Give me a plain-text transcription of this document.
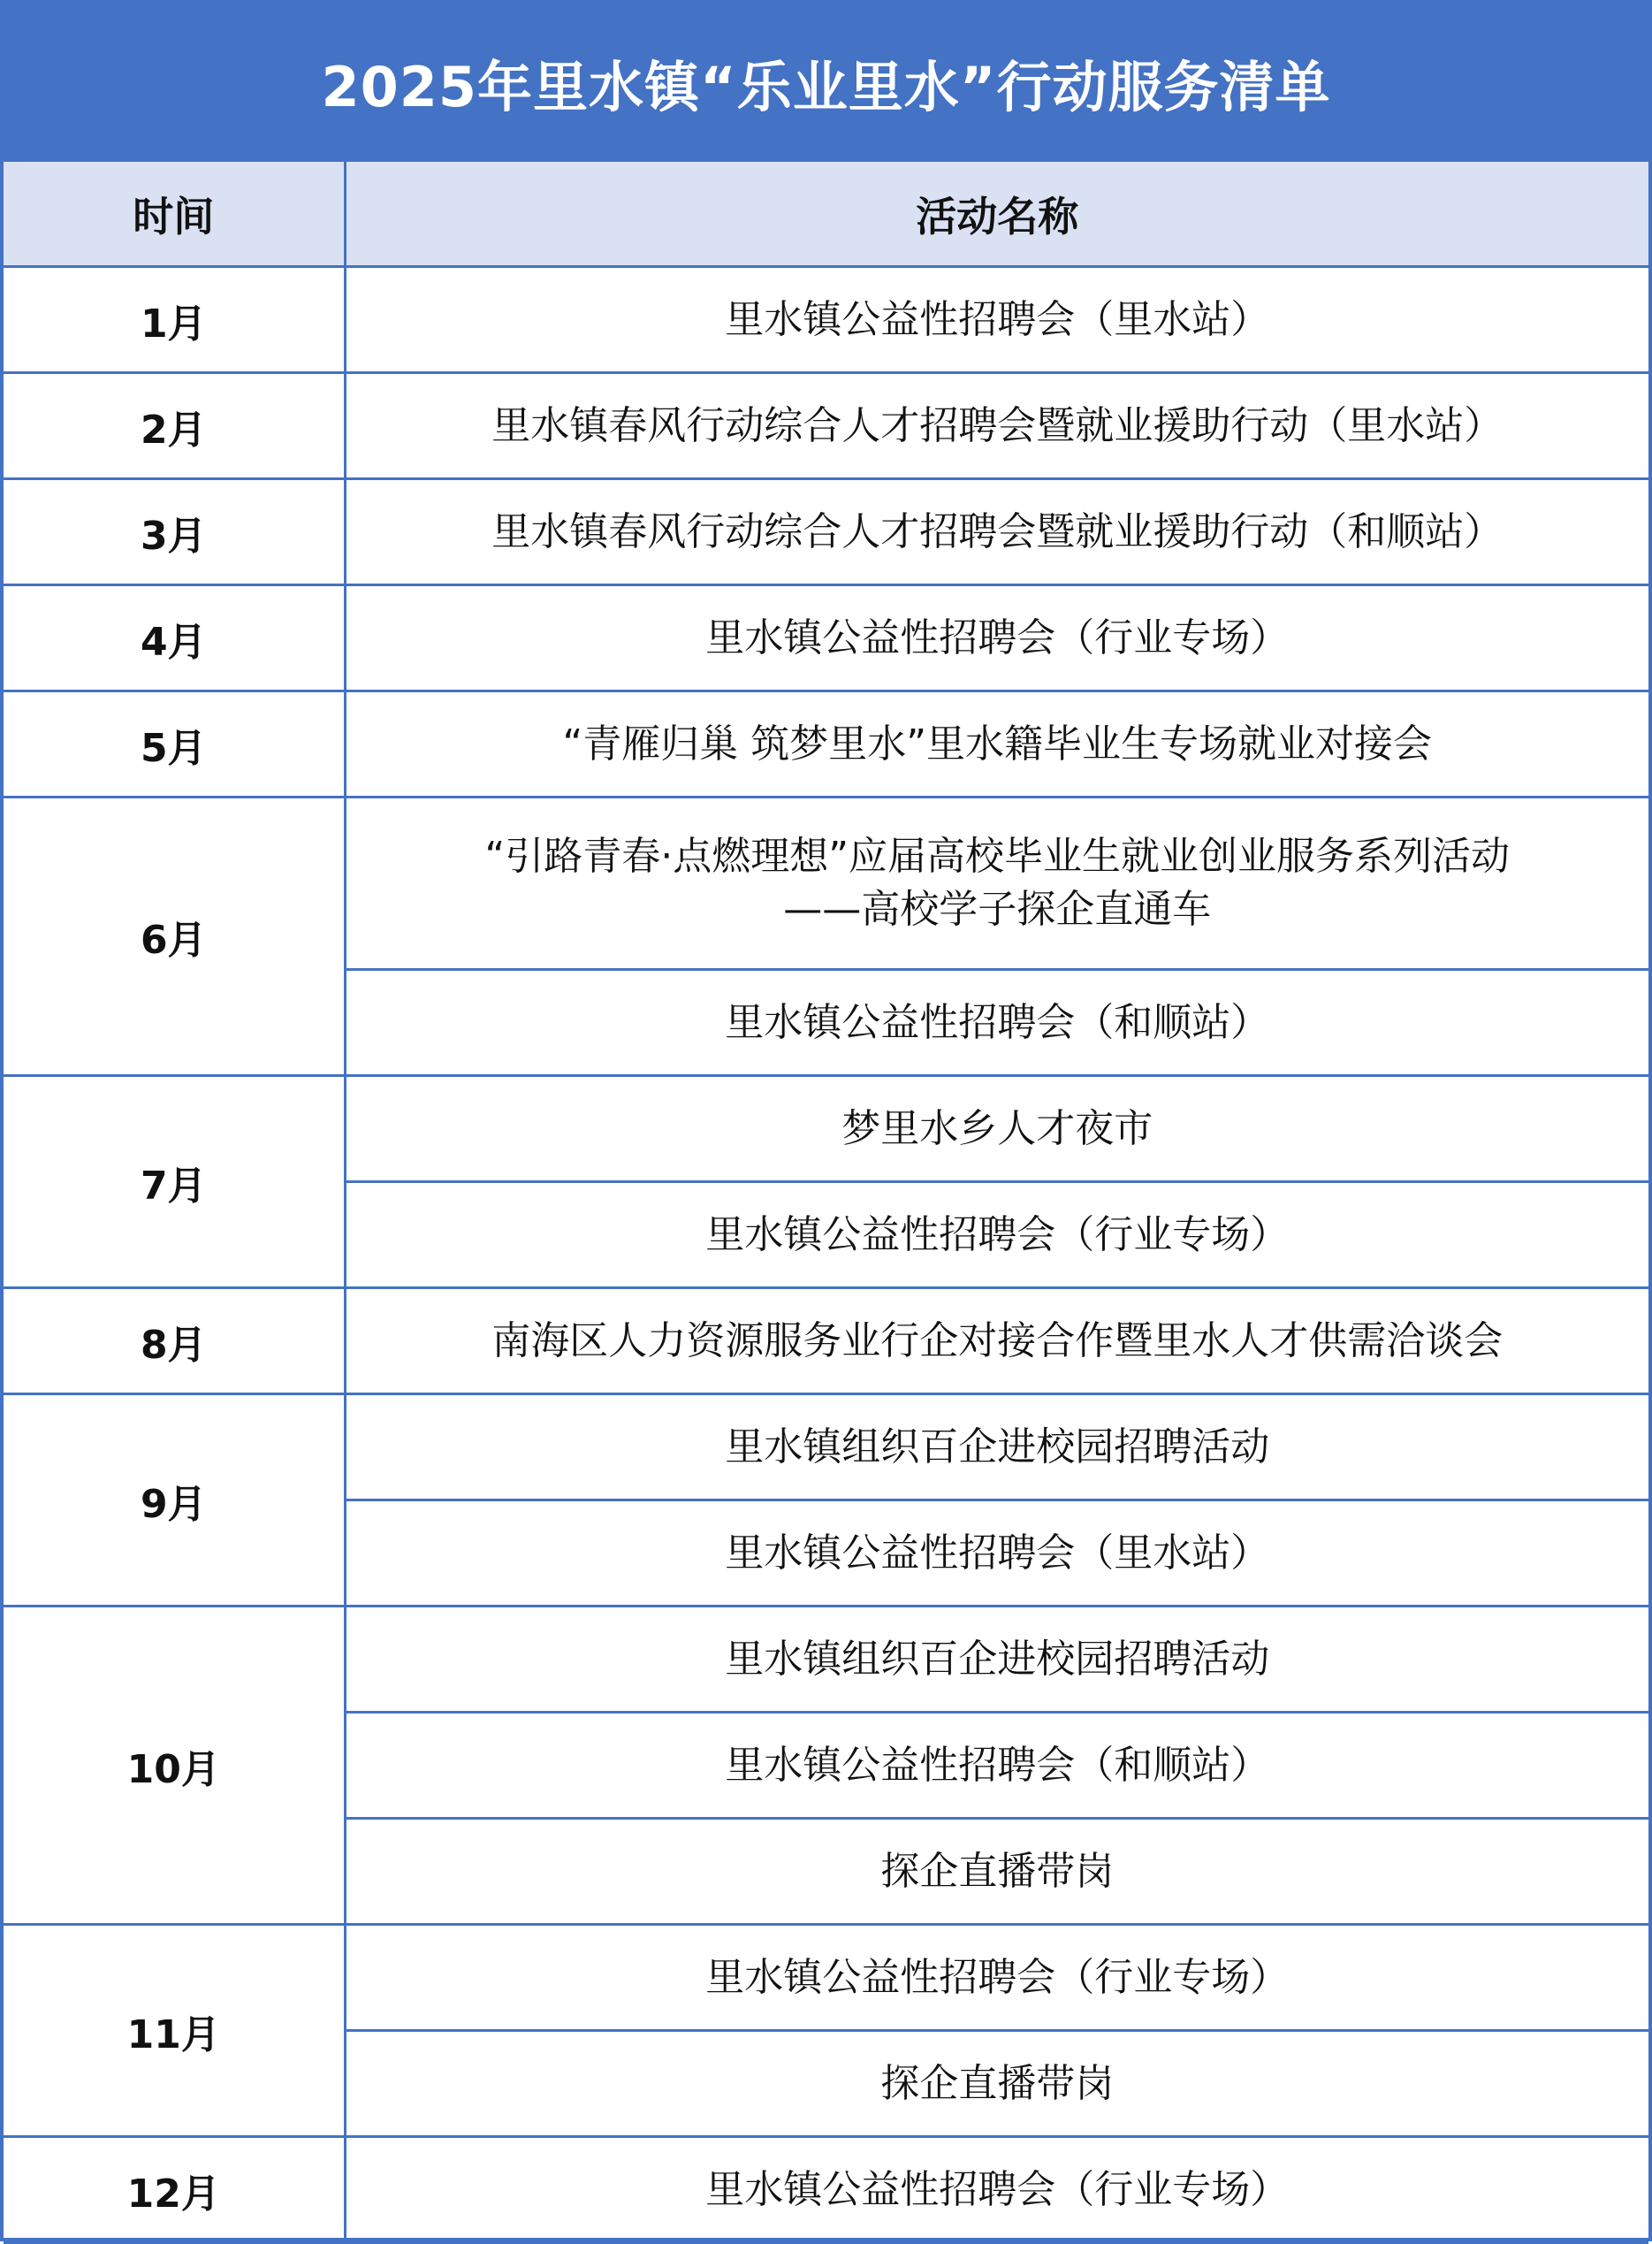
2025年里水镇“乐业里水”行动服务清单
时间	活动名称
1月	里水镇公益性招聘会（里水站）
2月	里水镇春风行动综合人才招聘会暨就业援助行动（里水站）
3月	里水镇春风行动综合人才招聘会暨就业援助行动（和顺站）
4月	里水镇公益性招聘会（行业专场）
5月	“青雁归巢 筑梦里水”里水籍毕业生专场就业对接会
6月	“引路青春·点燃理想”应届高校毕业生就业创业服务系列活动
——高校学子探企直通车
	里水镇公益性招聘会（和顺站）
7月	梦里水乡人才夜市
	里水镇公益性招聘会（行业专场）
8月	南海区人力资源服务业行企对接合作暨里水人才供需洽谈会
9月	里水镇组织百企进校园招聘活动
	里水镇公益性招聘会（里水站）
10月	里水镇组织百企进校园招聘活动
	里水镇公益性招聘会（和顺站）
	探企直播带岗
11月	里水镇公益性招聘会（行业专场）
	探企直播带岗
12月	里水镇公益性招聘会（行业专场）
